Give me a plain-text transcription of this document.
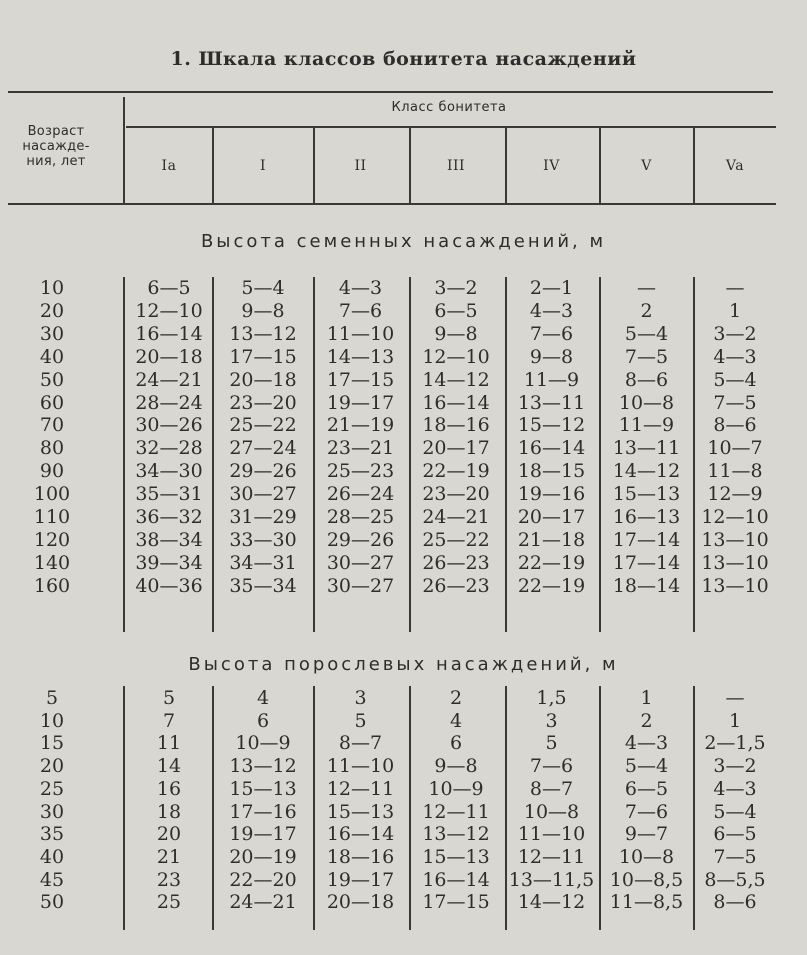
1. Шкала классов бонитета насаждений
Возраст
насажде-
ния, лет
Класс бонитета
Ia	I	II	III	IV	V	Va
Высота семенных насаждений, м
10	6—5	5—4	4—3	3—2	2—1	—	—
20	12—10	9—8	7—6	6—5	4—3	2	1
30	16—14	13—12	11—10	9—8	7—6	5—4	3—2
40	20—18	17—15	14—13	12—10	9—8	7—5	4—3
50	24—21	20—18	17—15	14—12	11—9	8—6	5—4
60	28—24	23—20	19—17	16—14	13—11	10—8	7—5
70	30—26	25—22	21—19	18—16	15—12	11—9	8—6
80	32—28	27—24	23—21	20—17	16—14	13—11	10—7
90	34—30	29—26	25—23	22—19	18—15	14—12	11—8
100	35—31	30—27	26—24	23—20	19—16	15—13	12—9
110	36—32	31—29	28—25	24—21	20—17	16—13	12—10
120	38—34	33—30	29—26	25—22	21—18	17—14	13—10
140	39—34	34—31	30—27	26—23	22—19	17—14	13—10
160	40—36	35—34	30—27	26—23	22—19	18—14	13—10
Высота порослевых насаждений, м
5	5	4	3	2	1,5	1	—
10	7	6	5	4	3	2	1
15	11	10—9	8—7	6	5	4—3	2—1,5
20	14	13—12	11—10	9—8	7—6	5—4	3—2
25	16	15—13	12—11	10—9	8—7	6—5	4—3
30	18	17—16	15—13	12—11	10—8	7—6	5—4
35	20	19—17	16—14	13—12	11—10	9—7	6—5
40	21	20—19	18—16	15—13	12—11	10—8	7—5
45	23	22—20	19—17	16—14	13—11,5 10—8,5	8—5,5
50	25	24—21	20—18	17—15	14—12	11—8,5	8—6
